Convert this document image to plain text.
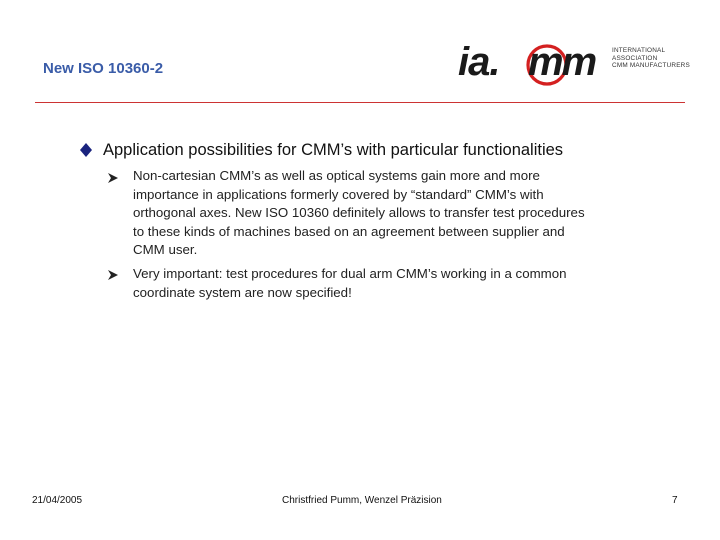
New ISO 10360-2	ia. mm	INTERNATIONAL
ASSOCIATION
CMM MANUFACTURERS
Application possibilities for CMM’s with particular functionalities
Non-cartesian CMM’s as well as optical systems gain more and more
importance in applications formerly covered by “standard” CMM’s with
orthogonal axes. New ISO 10360 definitely allows to transfer test procedures
to these kinds of machines based on an agreement between supplier and
CMM user.
Very important: test procedures for dual arm CMM’s working in a common
coordinate system are now specified!
21/04/2005	Christfried Pumm, Wenzel Präzision	7
